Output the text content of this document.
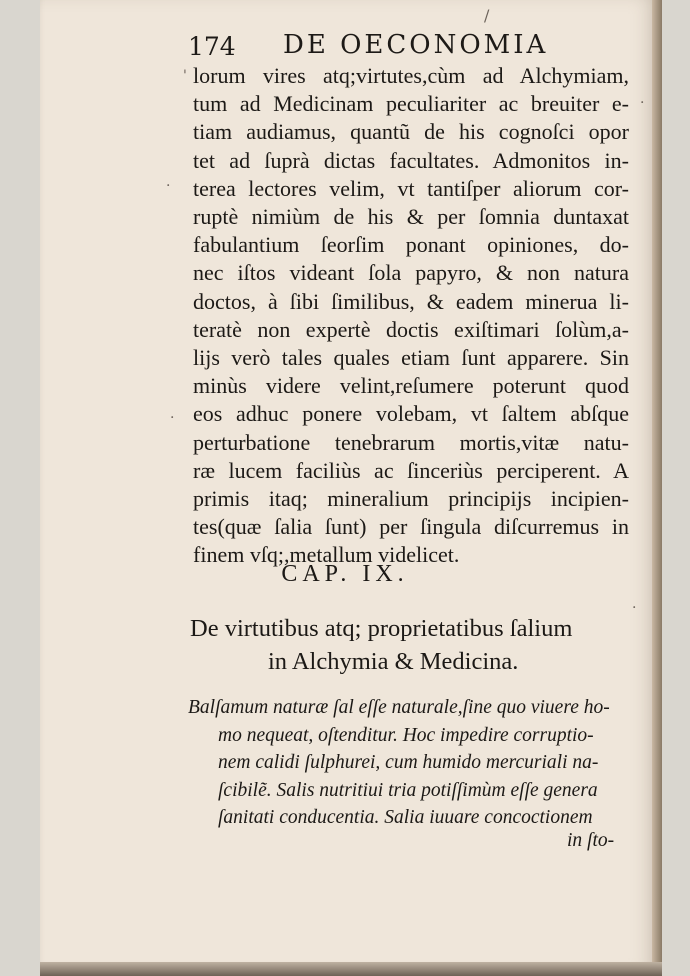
174 DE OECONOMIA
lorum vires atq;virtutes,cùm ad Alchymiam,
tum ad Medicinam peculiariter ac breuiter e-
tiam audiamus, quantũ de his cognoſci opor
tet ad ſuprà dictas facultates. Admonitos in-
terea lectores velim, vt tantiſper aliorum cor-
ruptè nimiùm de his & per ſomnia duntaxat
fabulantium ſeorſim ponant opiniones, do-
nec iſtos videant ſola papyro, & non natura
doctos, à ſibi ſimilibus, & eadem minerua li-
teratè non expertè doctis exiſtimari ſolùm,a-
lijs verò tales quales etiam ſunt apparere. Sin
minùs videre velint,reſumere poterunt quod
eos adhuc ponere volebam, vt ſaltem abſque
perturbatione tenebrarum mortis,vitæ natu-
ræ lucem faciliùs ac ſinceriùs perciperent. A
primis itaq; mineralium principijs incipien-
tes(quæ ſalia ſunt) per ſingula diſcurremus in
finem vſq;,metallum videlicet.
CAP. IX.
De virtutibus atq; proprietatibus ſalium
in Alchymia & Medicina.
Balſamum naturæ ſal eſſe naturale,ſine quo viuere ho-
mo nequeat, oſtenditur. Hoc impedire corruptio-
nem calidi ſulphurei, cum humido mercuriali na-
ſcibilẽ. Salis nutritiui tria potiſſimùm eſſe genera
ſanitati conducentia. Salia iuuare concoctionem
in ſto-
'
·
·
·
·
/
